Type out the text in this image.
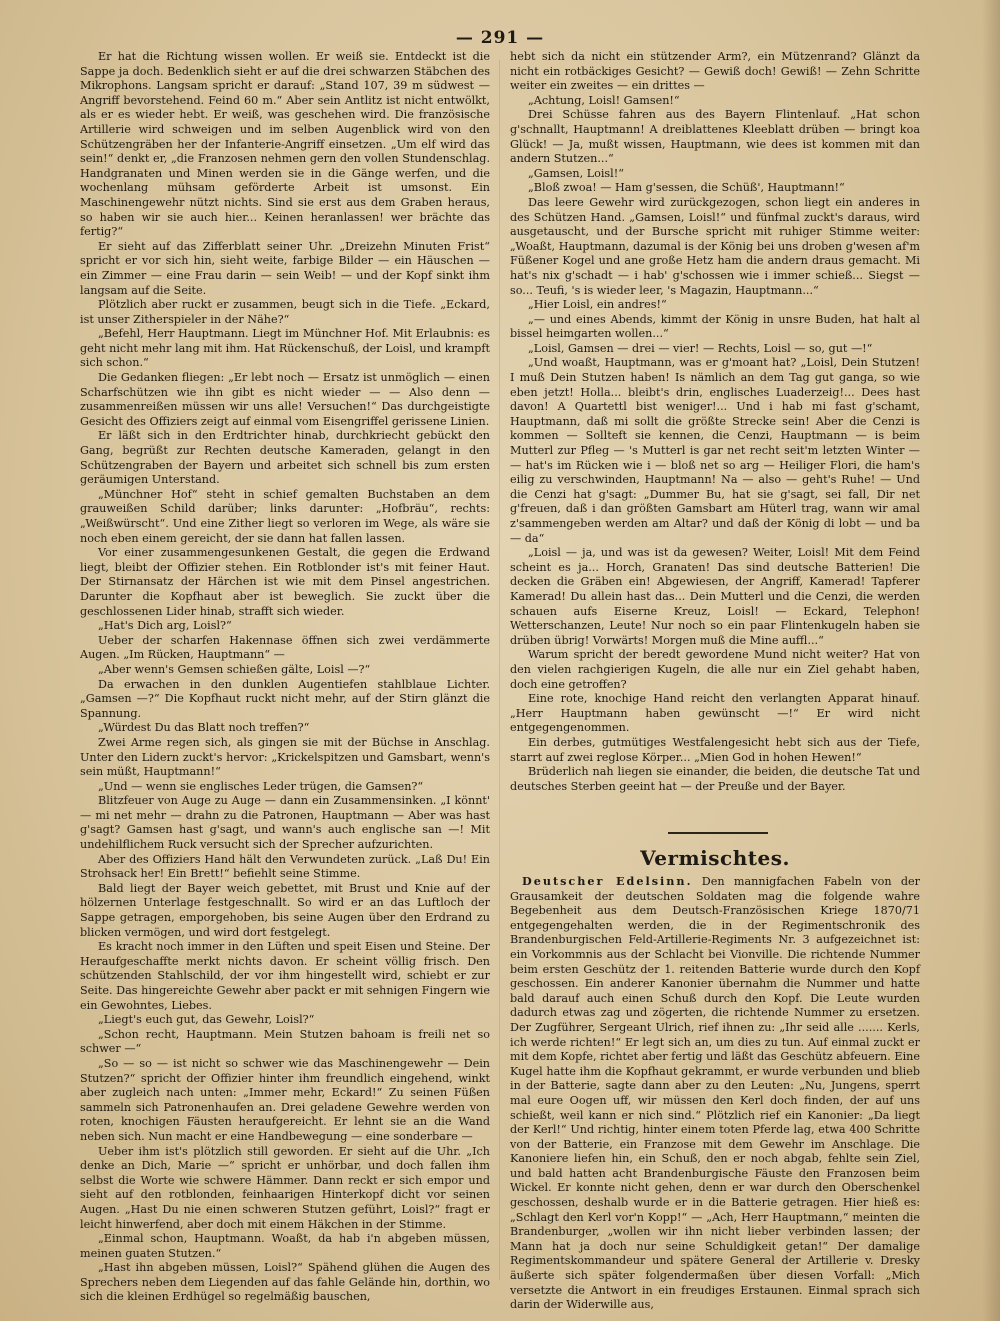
— 291 —

Er hat die Richtung wissen wollen. Er weiß sie. Entdeckt ist die Sappe ja doch. Bedenklich sieht er auf die drei schwarzen Stäbchen des Mikrophons. Langsam spricht er darauf: „Stand 107, 39 m südwest — Angriff bevorstehend. Feind 60 m.“ Aber sein Antlitz ist nicht entwölkt, als er es wieder hebt. Er weiß, was geschehen wird. Die französische Artillerie wird schweigen und im selben Augenblick wird von den Schützengräben her der Infanterie-Angriff einsetzen. „Um elf wird das sein!“ denkt er, „die Franzosen nehmen gern den vollen Stundenschlag. Handgranaten und Minen werden sie in die Gänge werfen, und die wochenlang mühsam geförderte Arbeit ist umsonst. Ein Maschinengewehr nützt nichts. Sind sie erst aus dem Graben heraus, so haben wir sie auch hier... Keinen heranlassen! wer brächte das fertig?“

Er sieht auf das Zifferblatt seiner Uhr. „Dreizehn Minuten Frist“ spricht er vor sich hin, sieht weite, farbige Bilder — ein Häuschen — ein Zimmer — eine Frau darin — sein Weib! — und der Kopf sinkt ihm langsam auf die Seite.

Plötzlich aber ruckt er zusammen, beugt sich in die Tiefe. „Eckard, ist unser Zitherspieler in der Nähe?“

„Befehl, Herr Hauptmann. Liegt im Münchner Hof. Mit Erlaubnis: es geht nicht mehr lang mit ihm. Hat Rückenschuß, der Loisl, und krampft sich schon.“

Die Gedanken fliegen: „Er lebt noch — Ersatz ist unmöglich — einen Scharfschützen wie ihn gibt es nicht wieder — — Also denn — zusammenreißen müssen wir uns alle! Versuchen!“ Das durchgeistigte Gesicht des Offiziers zeigt auf einmal vom Eisengriffel gerissene Linien.

Er läßt sich in den Erdtrichter hinab, durchkriecht gebückt den Gang, begrüßt zur Rechten deutsche Kameraden, gelangt in den Schützengraben der Bayern und arbeitet sich schnell bis zum ersten geräumigen Unterstand.

„Münchner Hof“ steht in schief gemalten Buchstaben an dem grauweißen Schild darüber; links darunter: „Hofbräu“, rechts: „Weißwürscht“. Und eine Zither liegt so verloren im Wege, als wäre sie noch eben einem gereicht, der sie dann hat fallen lassen.

Vor einer zusammengesunkenen Gestalt, die gegen die Erdwand liegt, bleibt der Offizier stehen. Ein Rotblonder ist's mit feiner Haut. Der Stirnansatz der Härchen ist wie mit dem Pinsel angestrichen. Darunter die Kopfhaut aber ist beweglich. Sie zuckt über die geschlossenen Lider hinab, strafft sich wieder.

„Hat's Dich arg, Loisl?“

Ueber der scharfen Hakennase öffnen sich zwei verdämmerte Augen. „Im Rücken, Hauptmann“ —

„Aber wenn's Gemsen schießen gälte, Loisl —?“

Da erwachen in den dunklen Augentiefen stahlblaue Lichter. „Gamsen —?“ Die Kopfhaut ruckt nicht mehr, auf der Stirn glänzt die Spannung.

„Würdest Du das Blatt noch treffen?“

Zwei Arme regen sich, als gingen sie mit der Büchse in Anschlag. Unter den Lidern zuckt's hervor: „Krickelspitzen und Gamsbart, wenn's sein müßt, Hauptmann!“

„Und — wenn sie englisches Leder trügen, die Gamsen?“

Blitzfeuer von Auge zu Auge — dann ein Zusammensinken. „I könnt' — mi net mehr — drahn zu die Patronen, Hauptmann — Aber was hast g'sagt? Gamsen hast g'sagt, und wann's auch englische san —! Mit undehilflichem Ruck versucht sich der Sprecher aufzurichten.

Aber des Offiziers Hand hält den Verwundeten zurück. „Laß Du! Ein Strohsack her! Ein Brett!“ befiehlt seine Stimme.

Bald liegt der Bayer weich gebettet, mit Brust und Knie auf der hölzernen Unterlage festgeschnallt. So wird er an das Luftloch der Sappe getragen, emporgehoben, bis seine Augen über den Erdrand zu blicken vermögen, und wird dort festgelegt.

Es kracht noch immer in den Lüften und speit Eisen und Steine. Der Heraufgeschaffte merkt nichts davon. Er scheint völlig frisch. Den schützenden Stahlschild, der vor ihm hingestellt wird, schiebt er zur Seite. Das hingereichte Gewehr aber packt er mit sehnigen Fingern wie ein Gewohntes, Liebes.

„Liegt's euch gut, das Gewehr, Loisl?“

„Schon recht, Hauptmann. Mein Stutzen bahoam is freili net so schwer —“

„So — so — ist nicht so schwer wie das Maschinengewehr — Dein Stutzen?“ spricht der Offizier hinter ihm freundlich eingehend, winkt aber zugleich nach unten: „Immer mehr, Eckard!“ Zu seinen Füßen sammeln sich Patronenhaufen an. Drei geladene Gewehre werden von roten, knochigen Fäusten heraufgereicht. Er lehnt sie an die Wand neben sich. Nun macht er eine Handbewegung — eine sonderbare —

Ueber ihm ist's plötzlich still geworden. Er sieht auf die Uhr. „Ich denke an Dich, Marie —“ spricht er unhörbar, und doch fallen ihm selbst die Worte wie schwere Hämmer. Dann reckt er sich empor und sieht auf den rotblonden, feinhaarigen Hinterkopf dicht vor seinen Augen. „Hast Du nie einen schweren Stutzen geführt, Loisl?“ fragt er leicht hinwerfend, aber doch mit einem Häkchen in der Stimme.

„Einmal schon, Hauptmann. Woaßt, da hab i'n abgeben müssen, meinen guaten Stutzen.“

„Hast ihn abgeben müssen, Loisl?“ Spähend glühen die Augen des Sprechers neben dem Liegenden auf das fahle Gelände hin, dorthin, wo sich die kleinen Erdhügel so regelmäßig bauschen,

hebt sich da nicht ein stützender Arm?, ein Mützenrand? Glänzt da nicht ein rotbäckiges Gesicht? — Gewiß doch! Gewiß! — Zehn Schritte weiter ein zweites — ein drittes —

„Achtung, Loisl! Gamsen!“

Drei Schüsse fahren aus des Bayern Flintenlauf. „Hat schon g'schnallt, Hauptmann! A dreiblattenes Kleeblatt drüben — bringt koa Glück! — Ja, mußt wissen, Hauptmann, wie dees ist kommen mit dan andern Stutzen...“

„Gamsen, Loisl!“

„Bloß zwoa! — Ham g'sessen, die Schüß', Hauptmann!“

Das leere Gewehr wird zurückgezogen, schon liegt ein anderes in des Schützen Hand. „Gamsen, Loisl!“ und fünfmal zuckt's daraus, wird ausgetauscht, und der Bursche spricht mit ruhiger Stimme weiter: „Woaßt, Hauptmann, dazumal is der König bei uns droben g'wesen af'm Füßener Kogel und ane große Hetz ham die andern draus gemacht. Mi hat's nix g'schadt — i hab' g'schossen wie i immer schieß... Siegst — so... Teufi, 's is wieder leer, 's Magazin, Hauptmann...“

„Hier Loisl, ein andres!“

„— und eines Abends, kimmt der König in unsre Buden, hat halt al bissel heimgarten wollen...“

„Loisl, Gamsen — drei — vier! — Rechts, Loisl — so, gut —!“

„Und woaßt, Hauptmann, was er g'moant hat? „Loisl, Dein Stutzen! I muß Dein Stutzen haben! Is nämlich an dem Tag gut ganga, so wie eben jetzt! Holla... bleibt's drin, englisches Luaderzeig!... Dees hast davon! A Quartettl bist weniger!... Und i hab mi fast g'schamt, Hauptmann, daß mi sollt die größte Strecke sein! Aber die Cenzi is kommen — Sollteft sie kennen, die Cenzi, Hauptmann — is beim Mutterl zur Pfleg — 's Mutterl is gar net recht seit'm letzten Winter — — hat's im Rücken wie i — bloß net so arg — Heiliger Flori, die ham's eilig zu verschwinden, Hauptmann! Na — also — geht's Ruhe! — Und die Cenzi hat g'sagt: „Dummer Bu, hat sie g'sagt, sei fall, Dir net g'freuen, daß i dan größten Gamsbart am Hüterl trag, wann wir amal z'sammengeben werden am Altar? und daß der König di lobt — und ba — da“

„Loisl — ja, und was ist da gewesen? Weiter, Loisl! Mit dem Feind scheint es ja... Horch, Granaten! Das sind deutsche Batterien! Die decken die Gräben ein! Abgewiesen, der Angriff, Kamerad! Tapferer Kamerad! Du allein hast das... Dein Mutterl und die Cenzi, die werden schauen aufs Eiserne Kreuz, Loisl! — Eckard, Telephon! Wetterschanzen, Leute! Nur noch so ein paar Flintenkugeln haben sie drüben übrig! Vorwärts! Morgen muß die Mine auffl...“

Warum spricht der beredt gewordene Mund nicht weiter? Hat von den vielen rachgierigen Kugeln, die alle nur ein Ziel gehabt haben, doch eine getroffen?

Eine rote, knochige Hand reicht den verlangten Apparat hinauf. „Herr Hauptmann haben gewünscht —!“ Er wird nicht entgegengenommen.

Ein derbes, gutmütiges Westfalengesicht hebt sich aus der Tiefe, starrt auf zwei reglose Körper... „Mien God in hohen Hewen!“

Brüderlich nah liegen sie einander, die beiden, die deutsche Tat und deutsches Sterben geeint hat — der Preuße und der Bayer.

Vermischtes.

Deutscher Edelsinn. Den mannigfachen Fabeln von der Grausamkeit der deutschen Soldaten mag die folgende wahre Begebenheit aus dem Deutsch-Französischen Kriege 1870/71 entgegengehalten werden, die in der Regimentschronik des Brandenburgischen Feld-Artillerie-Regiments Nr. 3 aufgezeichnet ist: ein Vorkommnis aus der Schlacht bei Vionville. Die richtende Nummer beim ersten Geschütz der 1. reitenden Batterie wurde durch den Kopf geschossen. Ein anderer Kanonier übernahm die Nummer und hatte bald darauf auch einen Schuß durch den Kopf. Die Leute wurden dadurch etwas zag und zögerten, die richtende Nummer zu ersetzen. Der Zugführer, Sergeant Ulrich, rief ihnen zu: „Ihr seid alle ....... Kerls, ich werde richten!“ Er legt sich an, um dies zu tun. Auf einmal zuckt er mit dem Kopfe, richtet aber fertig und läßt das Geschütz abfeuern. Eine Kugel hatte ihm die Kopfhaut gekrammt, er wurde verbunden und blieb in der Batterie, sagte dann aber zu den Leuten: „Nu, Jungens, sperrt mal eure Oogen uff, wir müssen den Kerl doch finden, der auf uns schießt, weil kann er nich sind.“ Plötzlich rief ein Kanonier: „Da liegt der Kerl!“ Und richtig, hinter einem toten Pferde lag, etwa 400 Schritte von der Batterie, ein Franzose mit dem Gewehr im Anschlage. Die Kanoniere liefen hin, ein Schuß, den er noch abgab, fehlte sein Ziel, und bald hatten acht Brandenburgische Fäuste den Franzosen beim Wickel. Er konnte nicht gehen, denn er war durch den Oberschenkel geschossen, deshalb wurde er in die Batterie getragen. Hier hieß es: „Schlagt den Kerl vor'n Kopp!“ — „Ach, Herr Hauptmann,“ meinten die Brandenburger, „wollen wir ihn nicht lieber verbinden lassen; der Mann hat ja doch nur seine Schuldigkeit getan!“ Der damalige Regimentskommandeur und spätere General der Artillerie v. Dresky äußerte sich später folgendermaßen über diesen Vorfall: „Mich versetzte die Antwort in ein freudiges Erstaunen. Einmal sprach sich darin der Widerwille aus,
